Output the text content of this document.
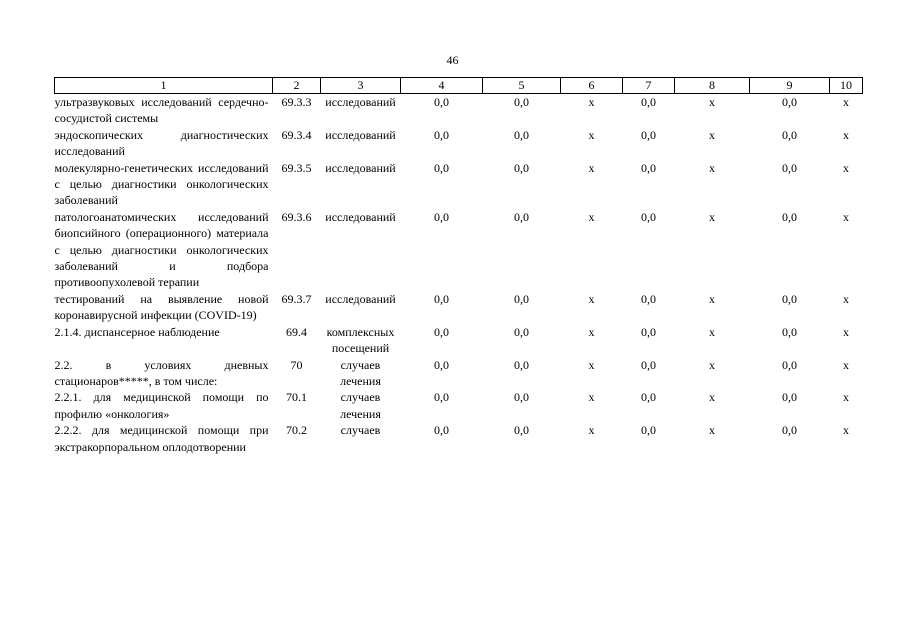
46
1	2	3	4	5	6	7	8	9	10
ультразвуковых исследований сердечно-сосудистой системы	69.3.3	исследований	0,0	0,0	х	0,0	х	0,0	х
эндоскопических диагностических исследований	69.3.4	исследований	0,0	0,0	х	0,0	х	0,0	х
молекулярно-генетических исследований с целью диагностики онкологических заболеваний	69.3.5	исследований	0,0	0,0	х	0,0	х	0,0	х
патологоанатомических исследований биопсийного (операционного) материала с целью диагностики онкологических заболеваний и подбора противоопухолевой терапии	69.3.6	исследований	0,0	0,0	х	0,0	х	0,0	х
тестирований на выявление новой коронавирусной инфекции (COVID-19)	69.3.7	исследований	0,0	0,0	х	0,0	х	0,0	х
2.1.4. диспансерное наблюдение	69.4	комплексных посещений	0,0	0,0	х	0,0	х	0,0	х
2.2. в условиях дневных стационаров*****, в том числе:	70	случаев лечения	0,0	0,0	х	0,0	х	0,0	х
2.2.1. для медицинской помощи по профилю «онкология»	70.1	случаев лечения	0,0	0,0	х	0,0	х	0,0	х
2.2.2. для медицинской помощи при экстракорпоральном оплодотворении	70.2	случаев	0,0	0,0	х	0,0	х	0,0	х
